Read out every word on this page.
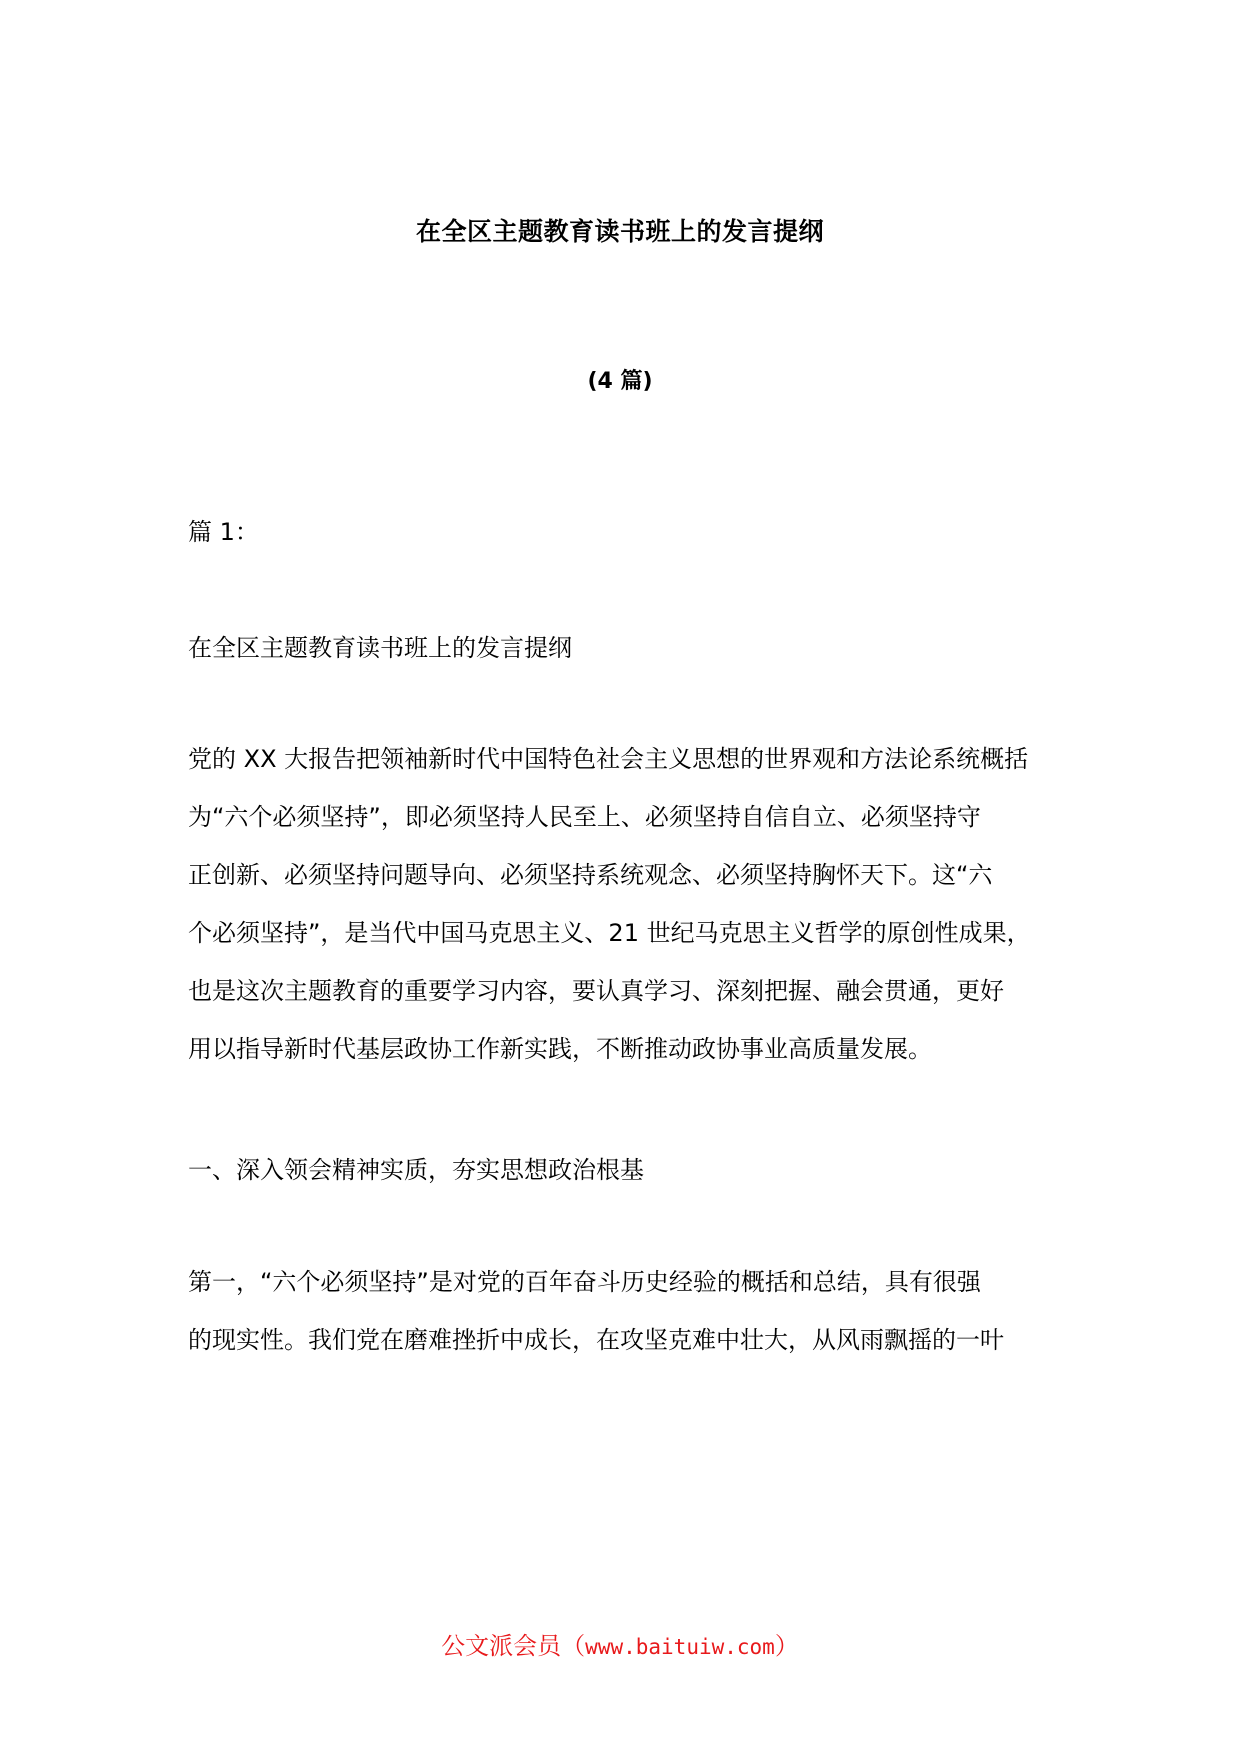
在全区主题教育读书班上的发言提纲
(4 篇)
篇 1：
在全区主题教育读书班上的发言提纲
党的 XX 大报告把领袖新时代中国特色社会主义思想的世界观和方法论系统概括
为“六个必须坚持”，即必须坚持人民至上、必须坚持自信自立、必须坚持守
正创新、必须坚持问题导向、必须坚持系统观念、必须坚持胸怀天下。这“六
个必须坚持”，是当代中国马克思主义、21 世纪马克思主义哲学的原创性成果，
也是这次主题教育的重要学习内容，要认真学习、深刻把握、融会贯通，更好
用以指导新时代基层政协工作新实践，不断推动政协事业高质量发展。
一、深入领会精神实质，夯实思想政治根基
第一，“六个必须坚持”是对党的百年奋斗历史经验的概括和总结，具有很强
的现实性。我们党在磨难挫折中成长，在攻坚克难中壮大，从风雨飘摇的一叶
公文派会员（www.baituiw.com）
